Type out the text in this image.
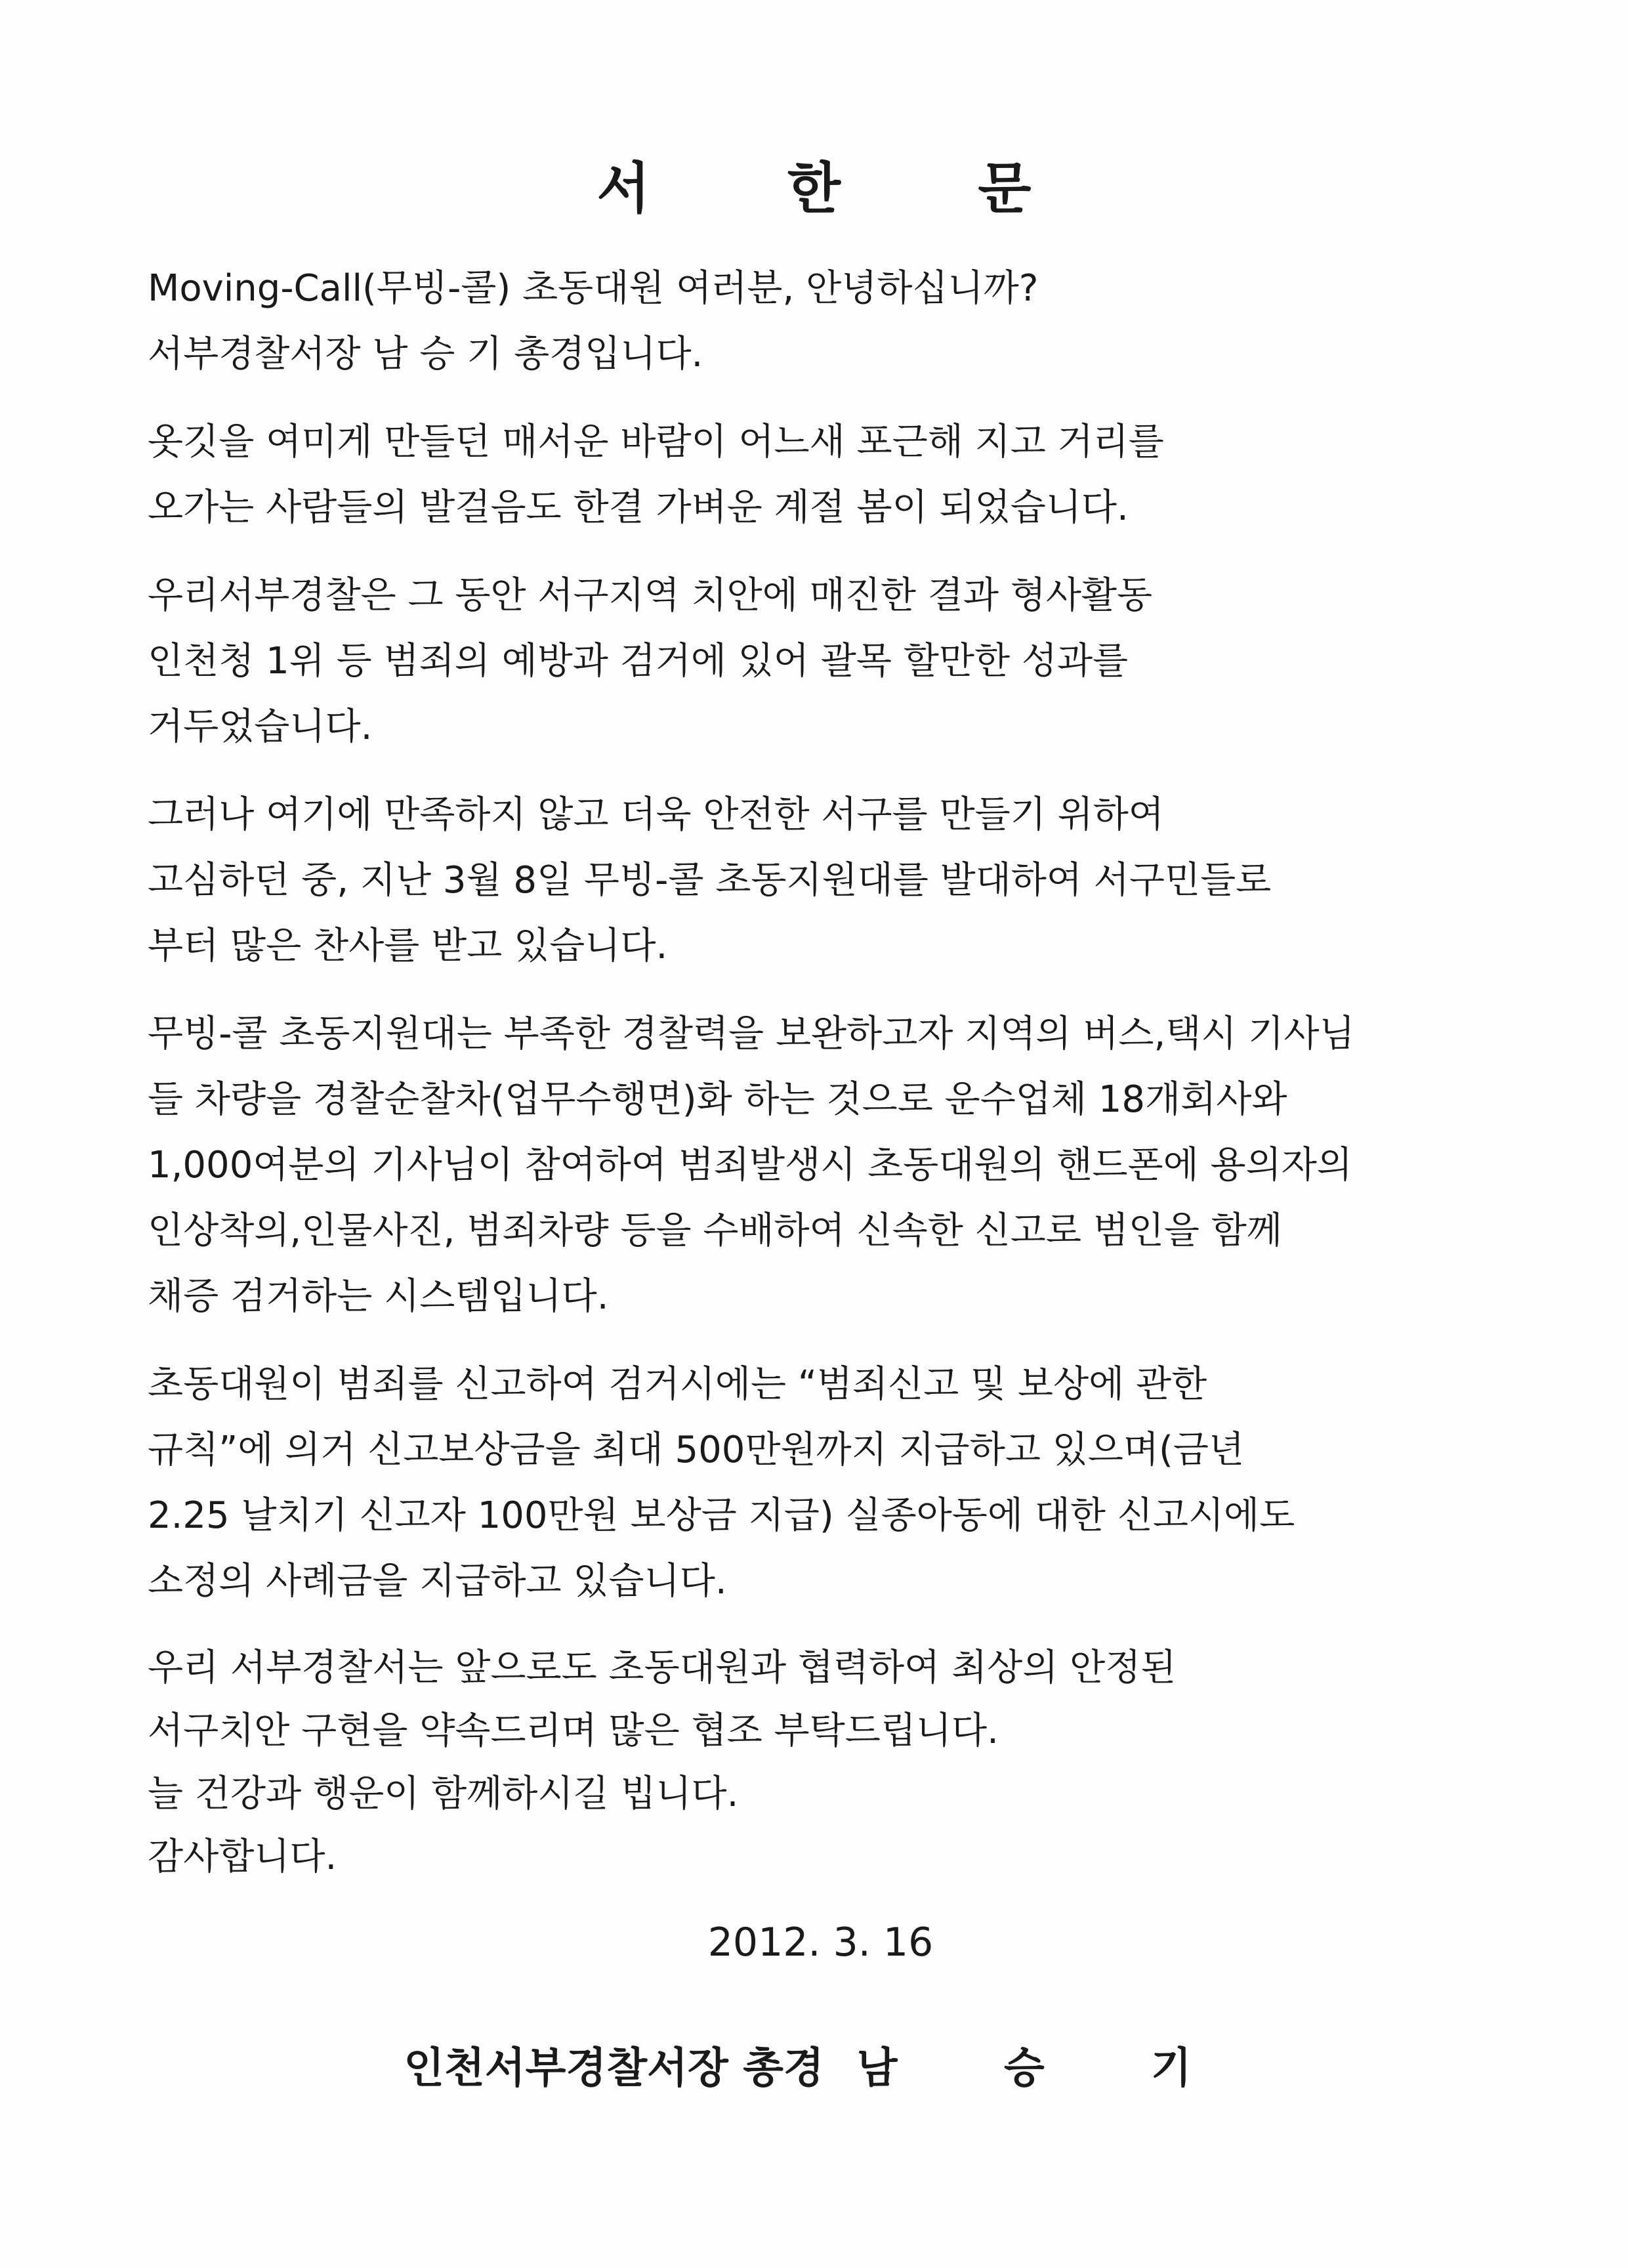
서 한 문
Moving-Call(무빙-콜) 초동대원 여러분, 안녕하십니까?
서부경찰서장 남 승 기 총경입니다.
옷깃을 여미게 만들던 매서운 바람이 어느새 포근해 지고 거리를
오가는 사람들의 발걸음도 한결 가벼운 계절 봄이 되었습니다.
우리서부경찰은 그 동안 서구지역 치안에 매진한 결과 형사활동
인천청 1위 등 범죄의 예방과 검거에 있어 괄목 할만한 성과를
거두었습니다.
그러나 여기에 만족하지 않고 더욱 안전한 서구를 만들기 위하여
고심하던 중, 지난 3월 8일 무빙-콜 초동지원대를 발대하여 서구민들로
부터 많은 찬사를 받고 있습니다.
무빙-콜 초동지원대는 부족한 경찰력을 보완하고자 지역의 버스,택시 기사님
들 차량을 경찰순찰차(업무수행면)화 하는 것으로 운수업체 18개회사와
1,000여분의 기사님이 참여하여 범죄발생시 초동대원의 핸드폰에 용의자의
인상착의,인물사진, 범죄차량 등을 수배하여 신속한 신고로 범인을 함께
채증 검거하는 시스템입니다.
초동대원이 범죄를 신고하여 검거시에는 “범죄신고 및 보상에 관한
규칙”에 의거 신고보상금을 최대 500만원까지 지급하고 있으며(금년
2.25 날치기 신고자 100만원 보상금 지급) 실종아동에 대한 신고시에도
소정의 사례금을 지급하고 있습니다.
우리 서부경찰서는 앞으로도 초동대원과 협력하여 최상의 안정된
서구치안 구현을 약속드리며 많은 협조 부탁드립니다.
늘 건강과 행운이 함께하시길 빕니다.
감사합니다.
2012. 3. 16
인천서부경찰서장 총경 남 승 기
